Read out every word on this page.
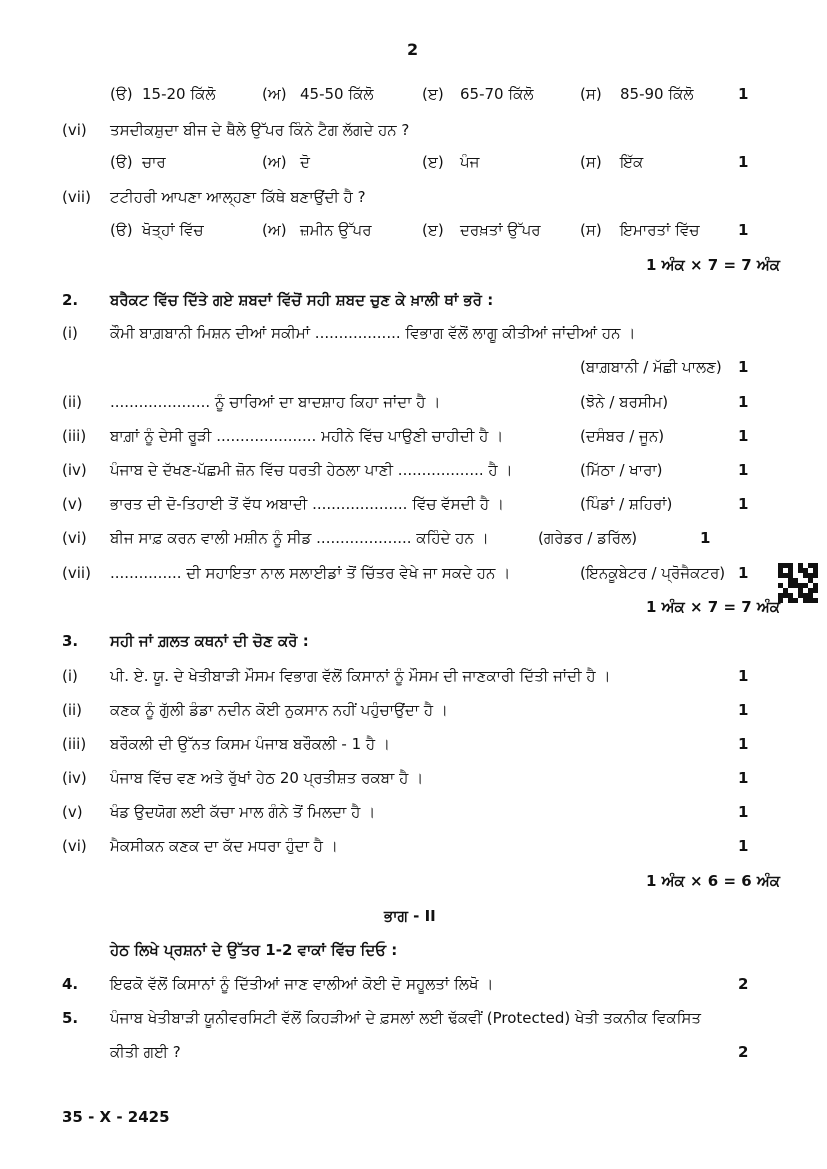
2
(ੳ) 15-20 ਕਿੱਲੋ	(ਅ) 45-50 ਕਿੱਲੋ	(ੲ) 65-70 ਕਿੱਲੋ	(ਸ) 85-90 ਕਿੱਲੋ	1
(vi) ਤਸਦੀਕਸ਼ੁਦਾ ਬੀਜ ਦੇ ਥੈਲੇ ਉੱਪਰ ਕਿੰਨੇ ਟੈਗ ਲੱਗਦੇ ਹਨ ?
(ੳ) ਚਾਰ	(ਅ) ਦੋ	(ੲ) ਪੰਜ	(ਸ) ਇੱਕ	1
(vii) ਟਟੀਹਰੀ ਆਪਣਾ ਆਲ੍ਹਣਾ ਕਿੱਥੇ ਬਣਾਉਂਦੀ ਹੈ ?
(ੳ) ਖੋਤ੍ਹਾਂ ਵਿੱਚ	(ਅ) ਜ਼ਮੀਨ ਉੱਪਰ	(ੲ) ਦਰਖ਼ਤਾਂ ਉੱਪਰ	(ਸ) ਇਮਾਰਤਾਂ ਵਿੱਚ	1
1 ਅੰਕ × 7 = 7 ਅੰਕ
2. ਬਰੈਕਟ ਵਿੱਚ ਦਿੱਤੇ ਗਏ ਸ਼ਬਦਾਂ ਵਿੱਚੋਂ ਸਹੀ ਸ਼ਬਦ ਚੁਣ ਕੇ ਖ਼ਾਲੀ ਥਾਂ ਭਰੋ :
(i) ਕੌਮੀ ਬਾਗ਼ਬਾਨੀ ਮਿਸ਼ਨ ਦੀਆਂ ਸਕੀਮਾਂ .................. ਵਿਭਾਗ ਵੱਲੋਂ ਲਾਗੂ ਕੀਤੀਆਂ ਜਾਂਦੀਆਂ ਹਨ ।
(ਬਾਗ਼ਬਾਨੀ / ਮੱਛੀ ਪਾਲਣ) 1
(ii) ..................... ਨੂੰ ਚਾਰਿਆਂ ਦਾ ਬਾਦਸ਼ਾਹ ਕਿਹਾ ਜਾਂਦਾ ਹੈ ।	(ਝੋਨੇ / ਬਰਸੀਮ)	1
(iii) ਬਾਗ਼ਾਂ ਨੂੰ ਦੇਸੀ ਰੂੜੀ ..................... ਮਹੀਨੇ ਵਿੱਚ ਪਾਉਣੀ ਚਾਹੀਦੀ ਹੈ ।	(ਦਸੰਬਰ / ਜੂਨ)	1
(iv) ਪੰਜਾਬ ਦੇ ਦੱਖਣ-ਪੱਛਮੀ ਜ਼ੋਨ ਵਿੱਚ ਧਰਤੀ ਹੇਠਲਾ ਪਾਣੀ .................. ਹੈ ।	(ਮਿੱਠਾ / ਖਾਰਾ)	1
(v) ਭਾਰਤ ਦੀ ਦੋ-ਤਿਹਾਈ ਤੋਂ ਵੱਧ ਅਬਾਦੀ .................... ਵਿੱਚ ਵੱਸਦੀ ਹੈ ।	(ਪਿੰਡਾਂ / ਸ਼ਹਿਰਾਂ)	1
(vi) ਬੀਜ ਸਾਫ਼ ਕਰਨ ਵਾਲੀ ਮਸ਼ੀਨ ਨੂੰ ਸੀਡ .................... ਕਹਿੰਦੇ ਹਨ ।	(ਗਰੇਡਰ / ਡਰਿੱਲ)	1
(vii) ............... ਦੀ ਸਹਾਇਤਾ ਨਾਲ ਸਲਾਈਡਾਂ ਤੋਂ ਚਿੱਤਰ ਵੇਖੇ ਜਾ ਸਕਦੇ ਹਨ ।	(ਇਨਕੂਬੇਟਰ / ਪ੍ਰੋਜੈਕਟਰ) 1
1 ਅੰਕ × 7 = 7 ਅੰਕ
3. ਸਹੀ ਜਾਂ ਗ਼ਲਤ ਕਥਨਾਂ ਦੀ ਚੋਣ ਕਰੋ :
(i) ਪੀ. ਏ. ਯੂ. ਦੇ ਖੇਤੀਬਾੜੀ ਮੌਸਮ ਵਿਭਾਗ ਵੱਲੋਂ ਕਿਸਾਨਾਂ ਨੂੰ ਮੌਸਮ ਦੀ ਜਾਣਕਾਰੀ ਦਿੱਤੀ ਜਾਂਦੀ ਹੈ ।	1
(ii) ਕਣਕ ਨੂੰ ਗੁੱਲੀ ਡੰਡਾ ਨਦੀਨ ਕੋਈ ਨੁਕਸਾਨ ਨਹੀਂ ਪਹੁੰਚਾਉਂਦਾ ਹੈ ।	1
(iii) ਬਰੌਕਲੀ ਦੀ ਉੱਨਤ ਕਿਸਮ ਪੰਜਾਬ ਬਰੌਕਲੀ - 1 ਹੈ ।	1
(iv) ਪੰਜਾਬ ਵਿੱਚ ਵਣ ਅਤੇ ਰੁੱਖਾਂ ਹੇਠ 20 ਪ੍ਰਤੀਸ਼ਤ ਰਕਬਾ ਹੈ ।	1
(v) ਖੰਡ ਉਦਯੋਗ ਲਈ ਕੱਚਾ ਮਾਲ ਗੰਨੇ ਤੋਂ ਮਿਲਦਾ ਹੈ ।	1
(vi) ਮੈਕਸੀਕਨ ਕਣਕ ਦਾ ਕੱਦ ਮਧਰਾ ਹੁੰਦਾ ਹੈ ।	1
1 ਅੰਕ × 6 = 6 ਅੰਕ
ਭਾਗ - II
ਹੇਠ ਲਿਖੇ ਪ੍ਰਸ਼ਨਾਂ ਦੇ ਉੱਤਰ 1-2 ਵਾਕਾਂ ਵਿੱਚ ਦਿਓ :
4. ਇਫਕੋ ਵੱਲੋਂ ਕਿਸਾਨਾਂ ਨੂੰ ਦਿੱਤੀਆਂ ਜਾਣ ਵਾਲੀਆਂ ਕੋਈ ਦੋ ਸਹੂਲਤਾਂ ਲਿਖੋ ।	2
5. ਪੰਜਾਬ ਖੇਤੀਬਾੜੀ ਯੂਨੀਵਰਸਿਟੀ ਵੱਲੋਂ ਕਿਹੜੀਆਂ ਦੇ ਫ਼ਸਲਾਂ ਲਈ ਢੱਕਵੀਂ (Protected) ਖੇਤੀ ਤਕਨੀਕ ਵਿਕਸਿਤ
ਕੀਤੀ ਗਈ ?	2
35 - X - 2425
